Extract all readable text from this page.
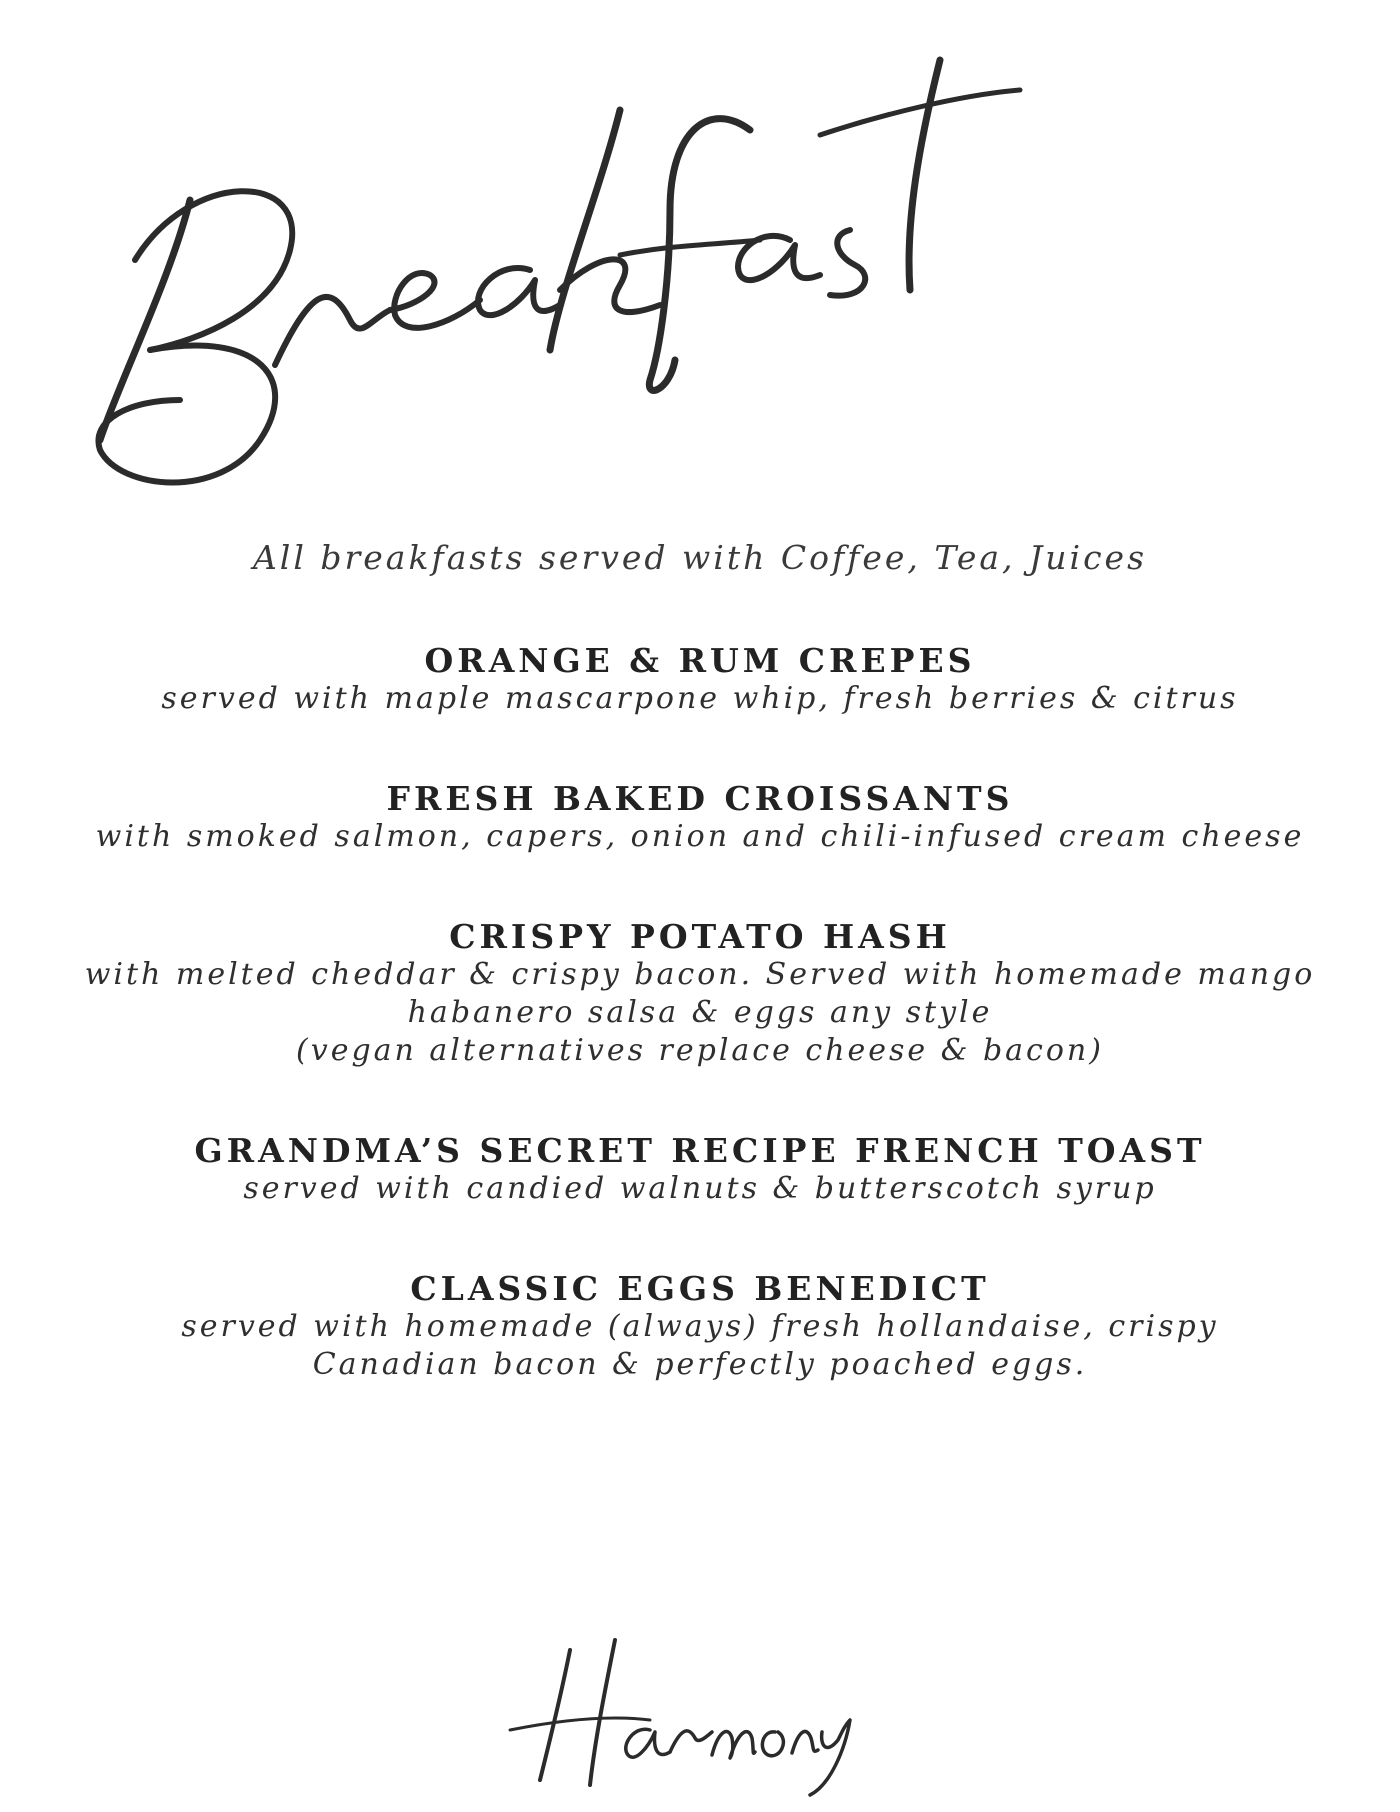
All breakfasts served with Coffee, Tea, Juices
ORANGE & RUM CREPES
served with maple mascarpone whip, fresh berries & citrus
FRESH BAKED CROISSANTS
with smoked salmon, capers, onion and chili-infused cream cheese
CRISPY POTATO HASH
with melted cheddar & crispy bacon. Served with homemade mango
habanero salsa & eggs any style
(vegan alternatives replace cheese & bacon)
GRANDMA’S SECRET RECIPE FRENCH TOAST
served with candied walnuts & butterscotch syrup
CLASSIC EGGS BENEDICT
served with homemade (always) fresh hollandaise, crispy
Canadian bacon & perfectly poached eggs.
